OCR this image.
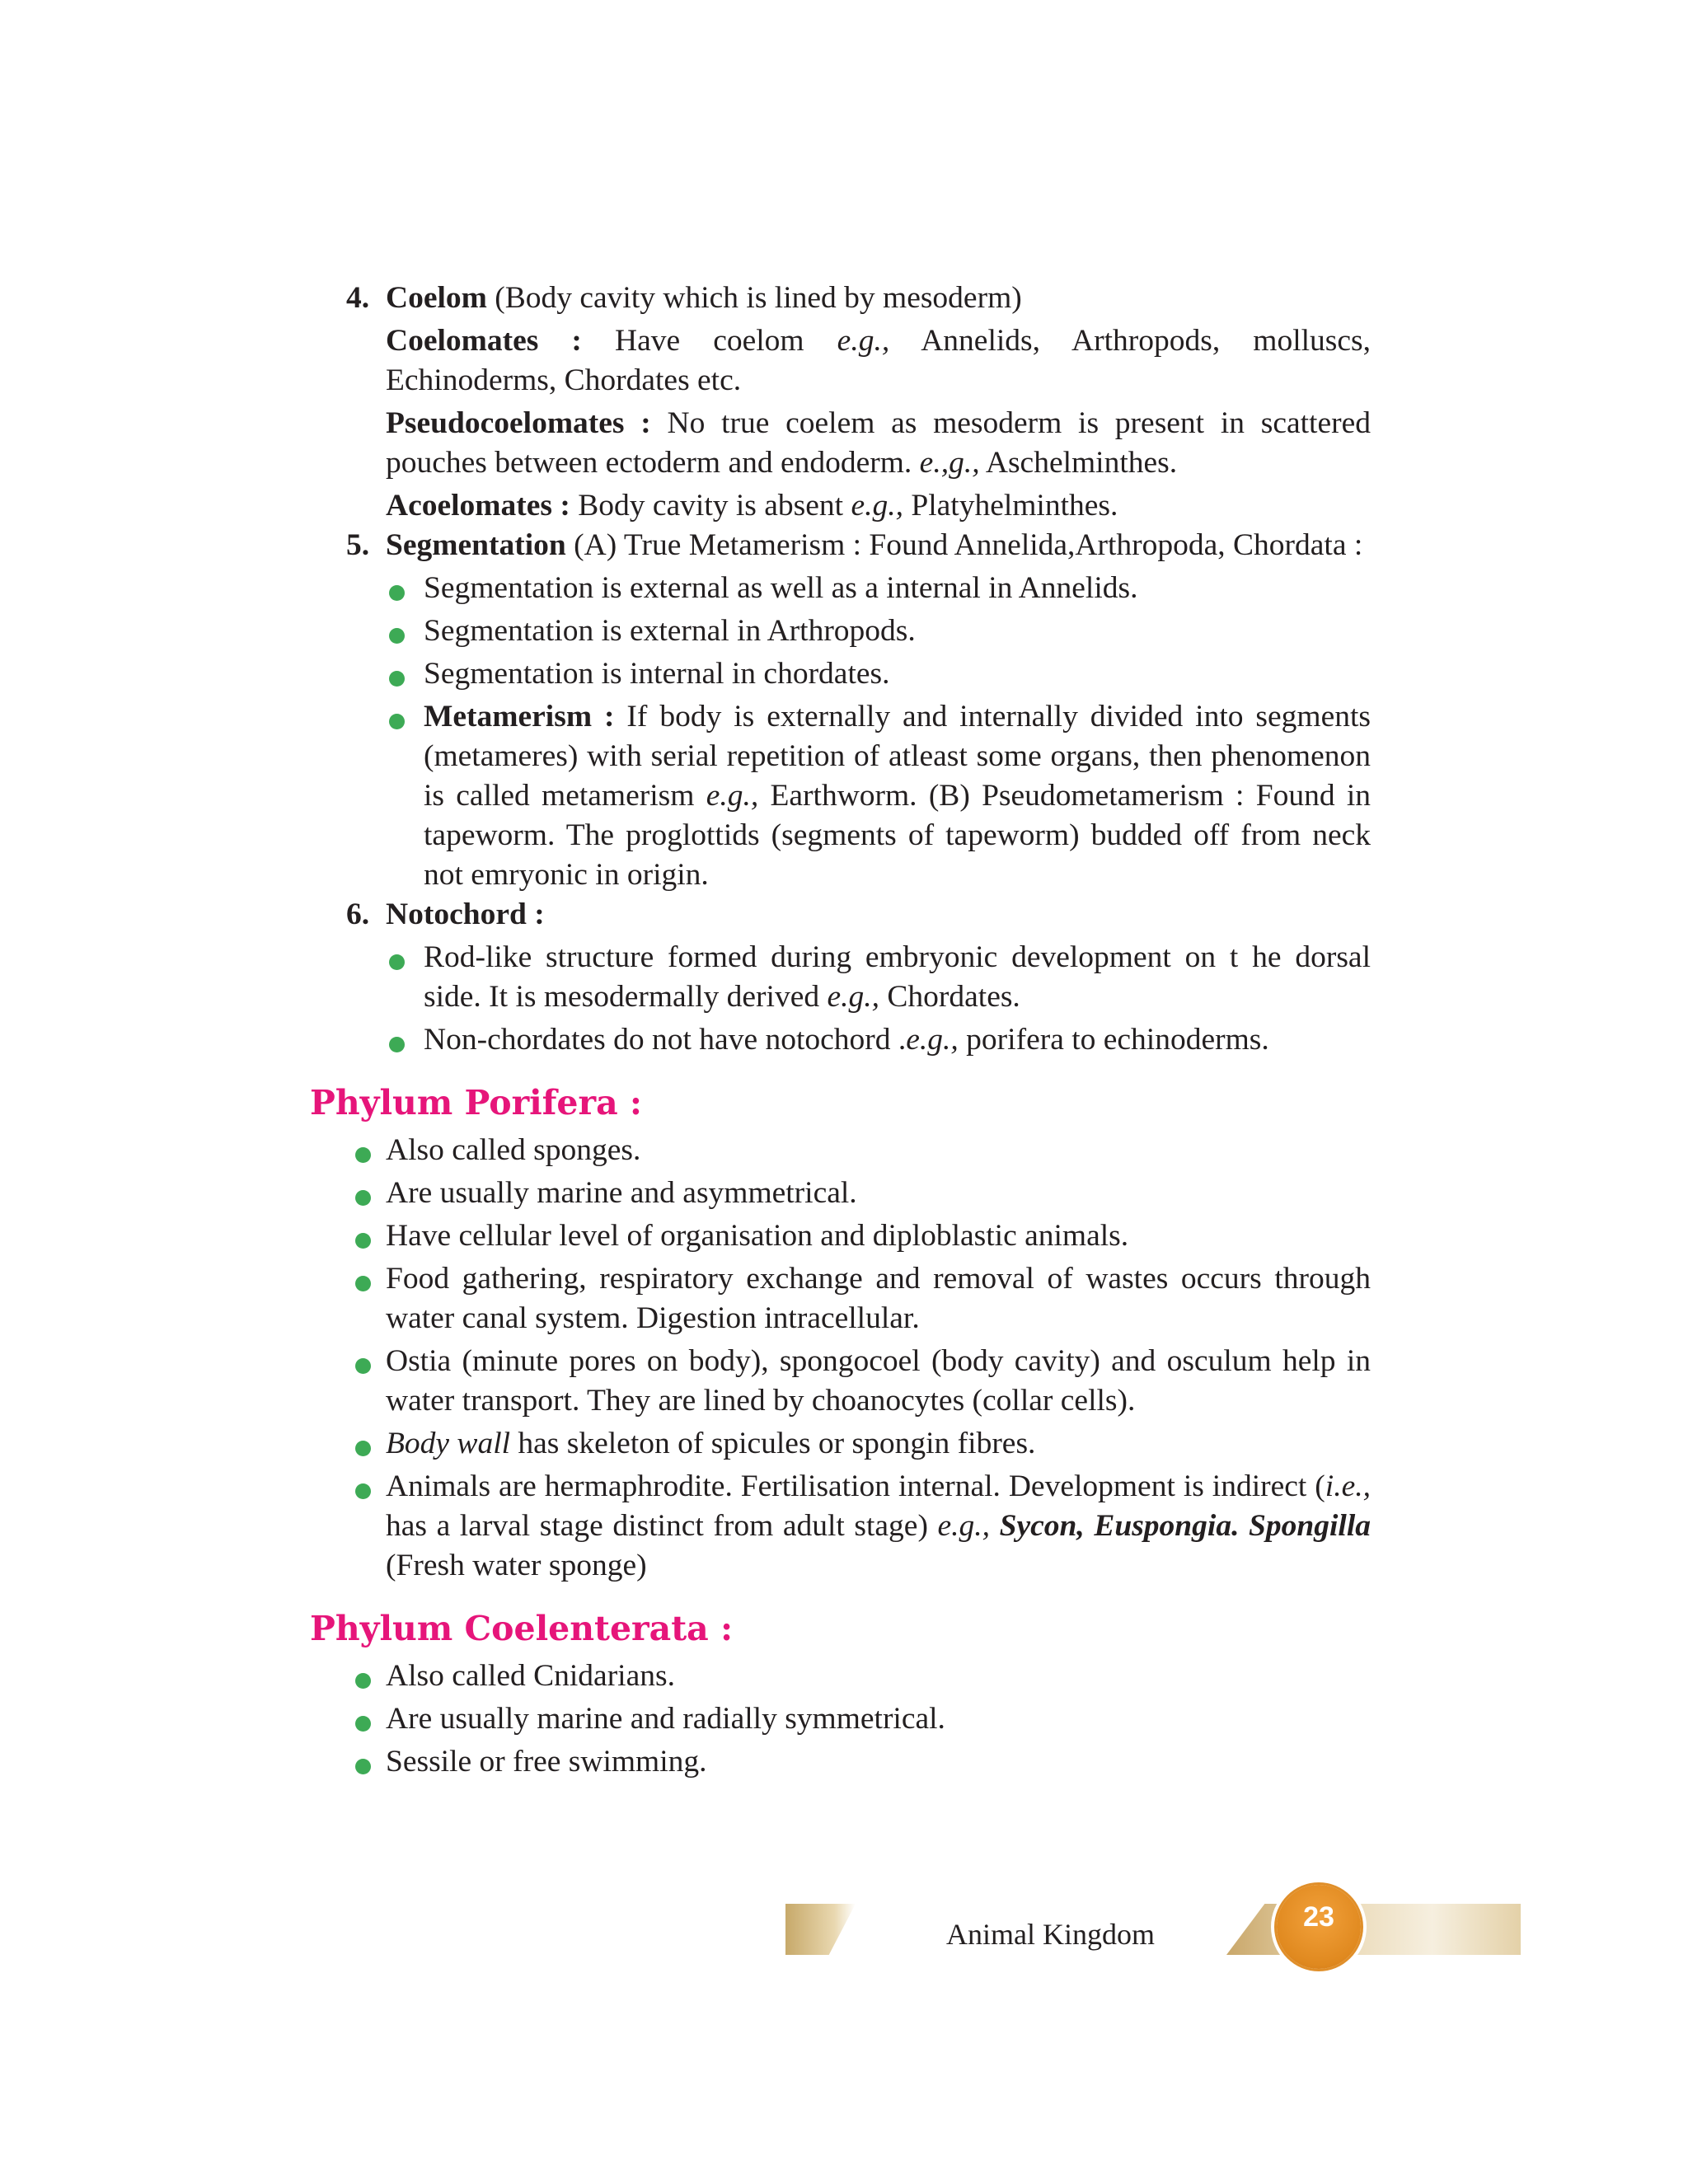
4. Coelom (Body cavity which is lined by mesoderm)

Coelomates : Have coelom e.g., Annelids, Arthropods, molluscs, Echinoderms, Chordates etc.

Pseudocoelomates : No true coelem as mesoderm is present in scattered pouches between ectoderm and endoderm. e.,g., Aschelminthes.

Acoelomates : Body cavity is absent e.g., Platyhelminthes.

5. Segmentation (A) True Metamerism : Found Annelida,Arthropoda, Chordata :

Segmentation is external as well as a internal in Annelids.
Segmentation is external in Arthropods.
Segmentation is internal in chordates.
Metamerism : If body is externally and internally divided into segments (metameres) with serial repetition of atleast some organs, then phenomenon is called metamerism e.g., Earthworm. (B) Pseudometamerism : Found in tapeworm. The proglottids (segments of tapeworm) budded off from neck not emryonic in origin.
6. Notochord :

Rod-like structure formed during embryonic development on t he dorsal side. It is mesodermally derived e.g., Chordates.
Non-chordates do not have notochord .e.g., porifera to echinoderms.
Phylum Porifera :
Also called sponges.
Are usually marine and asymmetrical.
Have cellular level of organisation and diploblastic animals.
Food gathering, respiratory exchange and removal of wastes occurs through water canal system. Digestion intracellular.
Ostia (minute pores on body), spongocoel (body cavity) and osculum help in water transport. They are lined by choanocytes (collar cells).
Body wall has skeleton of spicules or spongin fibres.
Animals are hermaphrodite. Fertilisation internal. Development is indirect (i.e., has a larval stage distinct from adult stage) e.g., Sycon, Euspongia. Spongilla (Fresh water sponge)
Phylum Coelenterata :
Also called Cnidarians.
Are usually marine and radially symmetrical.
Sessile or free swimming.
Animal Kingdom
23
